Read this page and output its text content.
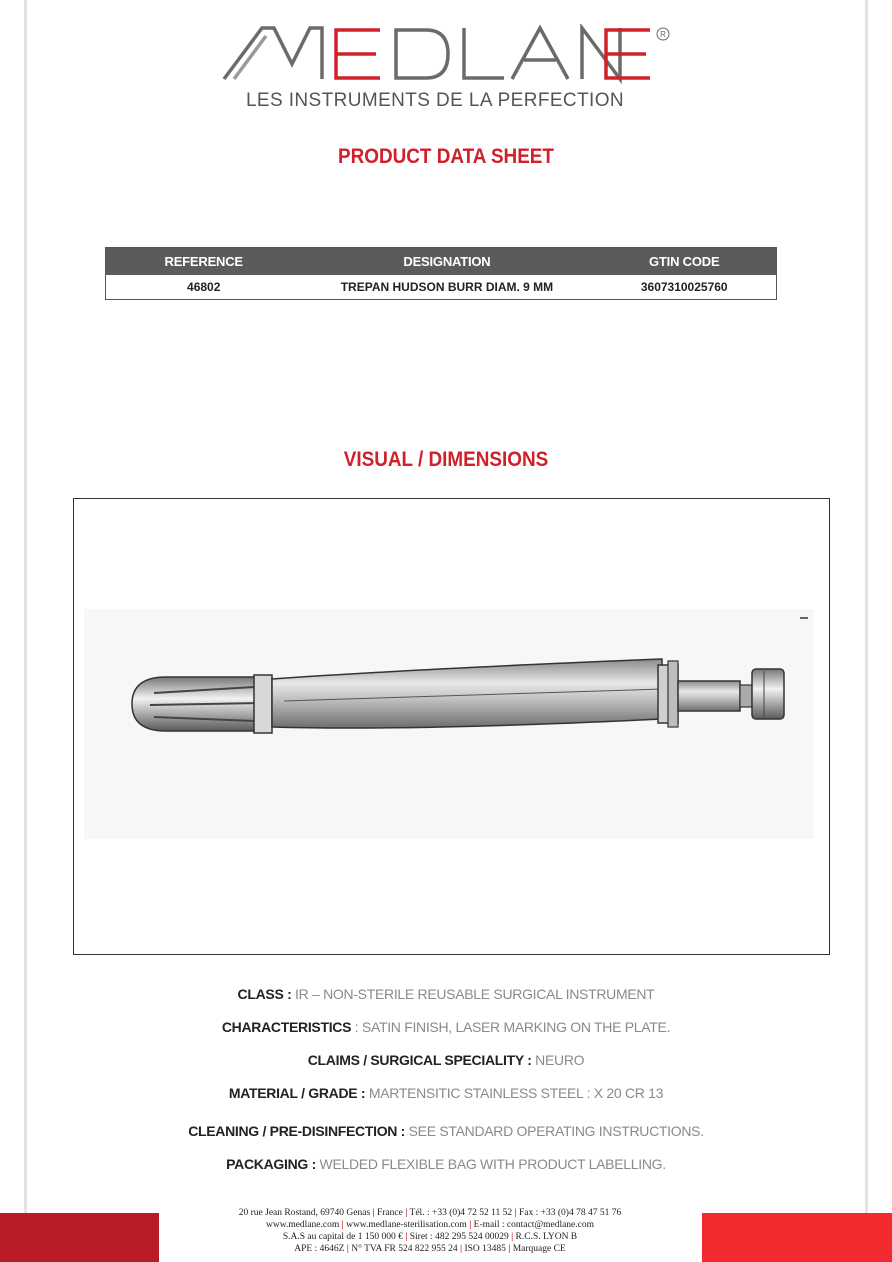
R
LES INSTRUMENTS DE LA PERFECTION
PRODUCT DATA SHEET
REFERENCE	DESIGNATION	GTIN CODE
46802	TREPAN HUDSON BURR DIAM. 9 MM	3607310025760
VISUAL / DIMENSIONS
CLASS : IR – NON-STERILE REUSABLE SURGICAL INSTRUMENT
CHARACTERISTICS : SATIN FINISH, LASER MARKING ON THE PLATE.
CLAIMS / SURGICAL SPECIALITY : NEURO
MATERIAL / GRADE : MARTENSITIC STAINLESS STEEL : X 20 CR 13
CLEANING / PRE-DISINFECTION : SEE STANDARD OPERATING INSTRUCTIONS.
PACKAGING : WELDED FLEXIBLE BAG WITH PRODUCT LABELLING.
20 rue Jean Rostand, 69740 Genas | France | Tél. : +33 (0)4 72 52 11 52 | Fax : +33 (0)4 78 47 51 76
www.medlane.com | www.medlane-sterilisation.com | E-mail : contact@medlane.com
S.A.S au capital de 1 150 000 € | Siret : 482 295 524 00029 | R.C.S. LYON B
APE : 4646Z | N° TVA FR 524 822 955 24 | ISO 13485 | Marquage CE
